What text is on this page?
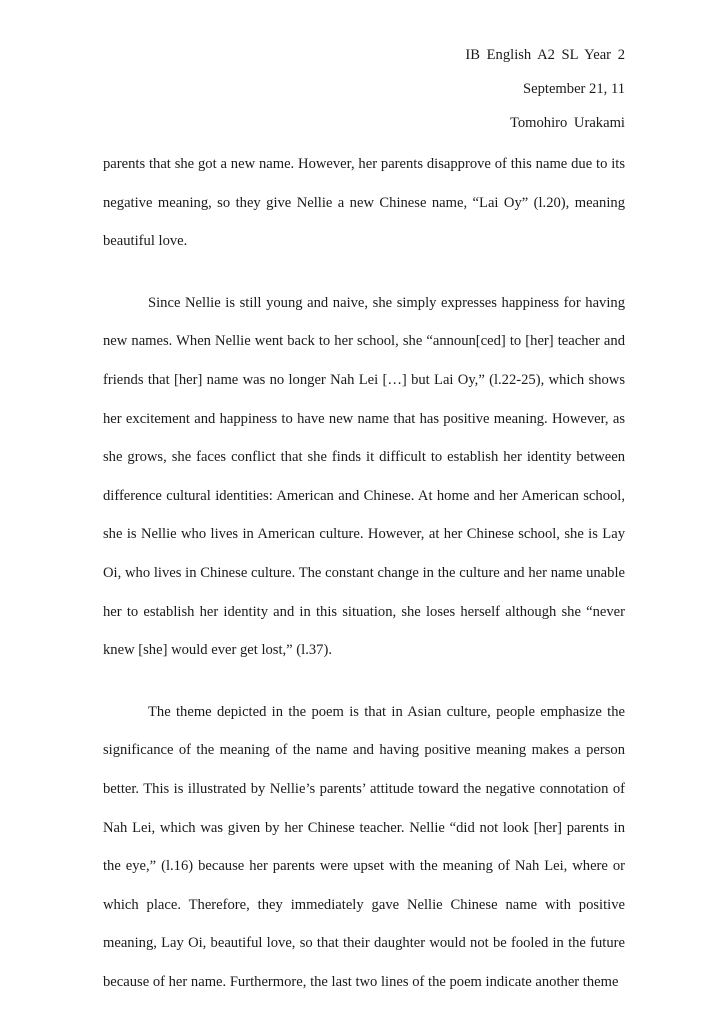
IB English A2 SL Year 2
September 21, 11
Tomohiro Urakami

parents that she got a new name. However, her parents disapprove of this name due to its negative meaning, so they give Nellie a new Chinese name, “Lai Oy” (l.20), meaning beautiful love.

Since Nellie is still young and naive, she simply expresses happiness for having new names. When Nellie went back to her school, she “announ[ced] to [her] teacher and friends that [her] name was no longer Nah Lei […] but Lai Oy,” (l.22-25), which shows her excitement and happiness to have new name that has positive meaning. However, as she grows, she faces conflict that she finds it difficult to establish her identity between difference cultural identities: American and Chinese. At home and her American school, she is Nellie who lives in American culture. However, at her Chinese school, she is Lay Oi, who lives in Chinese culture. The constant change in the culture and her name unable her to establish her identity and in this situation, she loses herself although she “never knew [she] would ever get lost,” (l.37).

The theme depicted in the poem is that in Asian culture, people emphasize the significance of the meaning of the name and having positive meaning makes a person better. This is illustrated by Nellie’s parents’ attitude toward the negative connotation of Nah Lei, which was given by her Chinese teacher. Nellie “did not look [her] parents in the eye,” (l.16) because her parents were upset with the meaning of Nah Lei, where or which place. Therefore, they immediately gave Nellie Chinese name with positive meaning, Lay Oi, beautiful love, so that their daughter would not be fooled in the future because of her name. Furthermore, the last two lines of the poem indicate another theme
